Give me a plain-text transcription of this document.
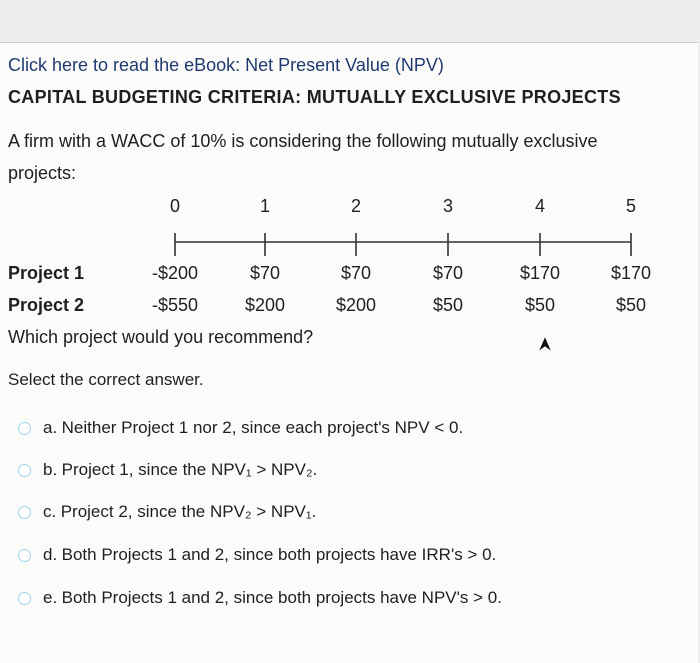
Click here to read the eBook: Net Present Value (NPV)
CAPITAL BUDGETING CRITERIA: MUTUALLY EXCLUSIVE PROJECTS
A firm with a WACC of 10% is considering the following mutually exclusive projects:
0	1	2	3	4	5
Project 1	-$200	$70	$70	$70	$170	$170
Project 2	-$550	$200	$200	$50	$50	$50
Which project would you recommend?
Select the correct answer.
a.
Neither Project 1 nor 2, since each project's NPV < 0.
b.
Project 1, since the NPV₁ > NPV₂.
c.
Project 2, since the NPV₂ > NPV₁.
d.
Both Projects 1 and 2, since both projects have IRR's > 0.
e.
Both Projects 1 and 2, since both projects have NPV's > 0.
